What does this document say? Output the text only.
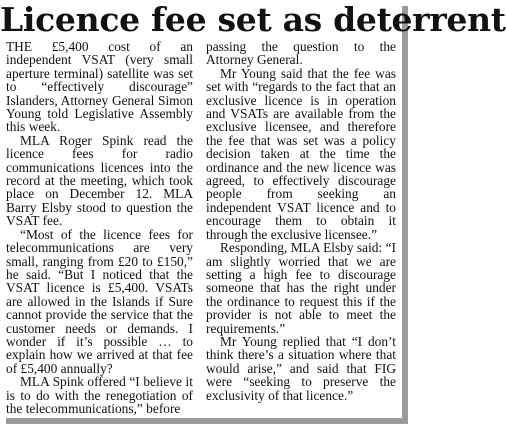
Licence fee set as deterrent

THE £5,400 cost of an independent VSAT (very small aperture terminal) satellite was set to “effectively discourage” Islanders, Attorney General Simon Young told Legislative Assembly this week.

MLA Roger Spink read the licence fees for radio communications licences into the record at the meeting, which took place on December 12. MLA Barry Elsby stood to question the VSAT fee.

“Most of the licence fees for telecommunications are very small, ranging from £20 to £150,” he said. “But I noticed that the VSAT licence is £5,400. VSATs are allowed in the Islands if Sure cannot provide the service that the customer needs or demands. I wonder if it’s possible … to explain how we arrived at that fee of £5,400 annually?

MLA Spink offered “I believe it is to do with the renegotiation of the telecommunications,” before

passing the question to the Attorney General.

Mr Young said that the fee was set with “regards to the fact that an exclusive licence is in operation and VSATs are available from the exclusive licensee, and therefore the fee that was set was a policy decision taken at the time the ordinance and the new licence was agreed, to effectively discourage people from seeking an independent VSAT licence and to encourage them to obtain it through the exclusive licensee.”

Responding, MLA Elsby said: “I am slightly worried that we are setting a high fee to discourage someone that has the right under the ordinance to request this if the provider is not able to meet the requirements.”

Mr Young replied that “I don’t think there’s a situation where that would arise,” and said that FIG were “seeking to preserve the exclusivity of that licence.”
